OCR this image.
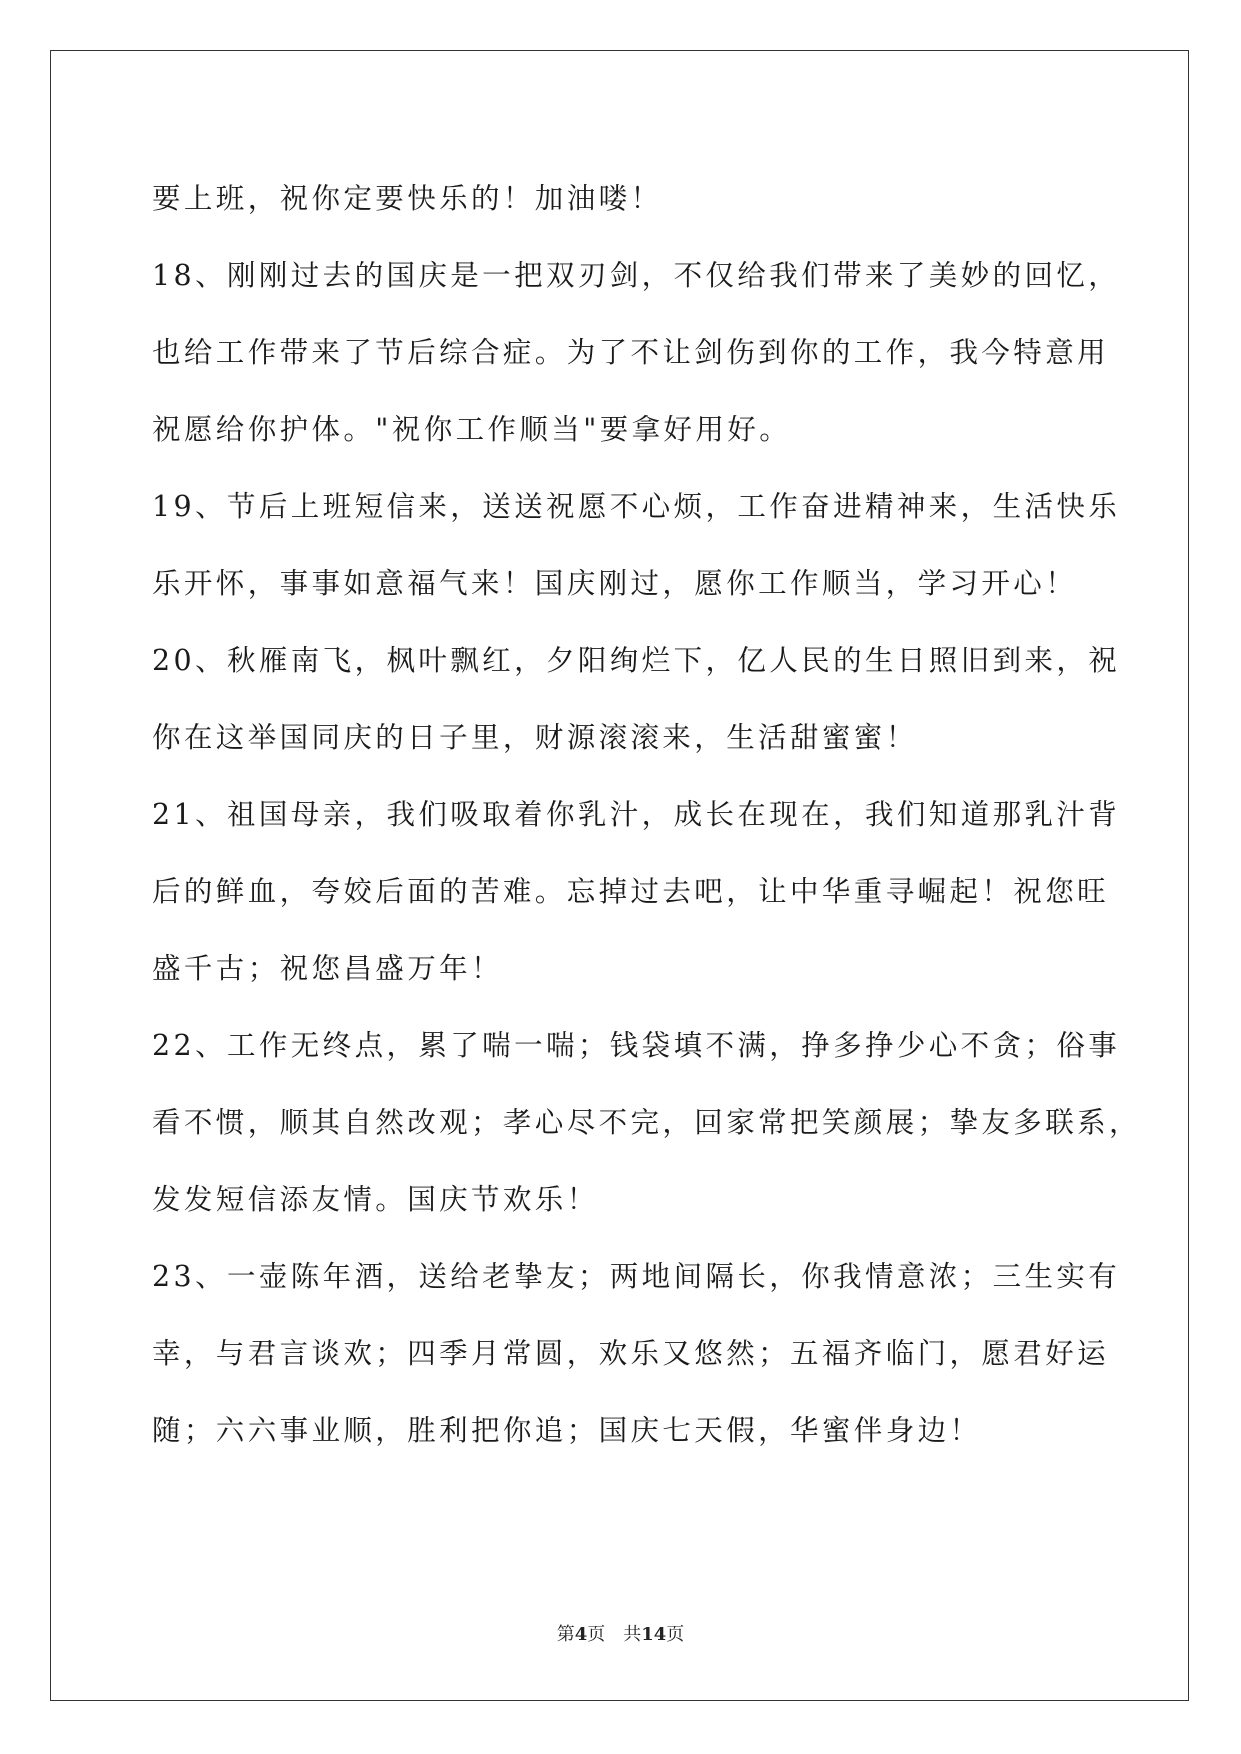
要上班，祝你定要快乐的！加油喽！
18、刚刚过去的国庆是一把双刃剑，不仅给我们带来了美妙的回忆，
也给工作带来了节后综合症。为了不让剑伤到你的工作，我今特意用
祝愿给你护体。"祝你工作顺当"要拿好用好。
19、节后上班短信来，送送祝愿不心烦，工作奋进精神来，生活快乐
乐开怀，事事如意福气来！国庆刚过，愿你工作顺当，学习开心！
20、秋雁南飞，枫叶飘红，夕阳绚烂下，亿人民的生日照旧到来，祝
你在这举国同庆的日子里，财源滚滚来，生活甜蜜蜜！
21、祖国母亲，我们吸取着你乳汁，成长在现在，我们知道那乳汁背
后的鲜血，夸姣后面的苦难。忘掉过去吧，让中华重寻崛起！祝您旺
盛千古；祝您昌盛万年！
22、工作无终点，累了喘一喘；钱袋填不满，挣多挣少心不贪；俗事
看不惯，顺其自然改观；孝心尽不完，回家常把笑颜展；挚友多联系，
发发短信添友情。国庆节欢乐！
23、一壶陈年酒，送给老挚友；两地间隔长，你我情意浓；三生实有
幸，与君言谈欢；四季月常圆，欢乐又悠然；五福齐临门，愿君好运
随；六六事业顺，胜利把你追；国庆七天假，华蜜伴身边！
第4页　共14页
